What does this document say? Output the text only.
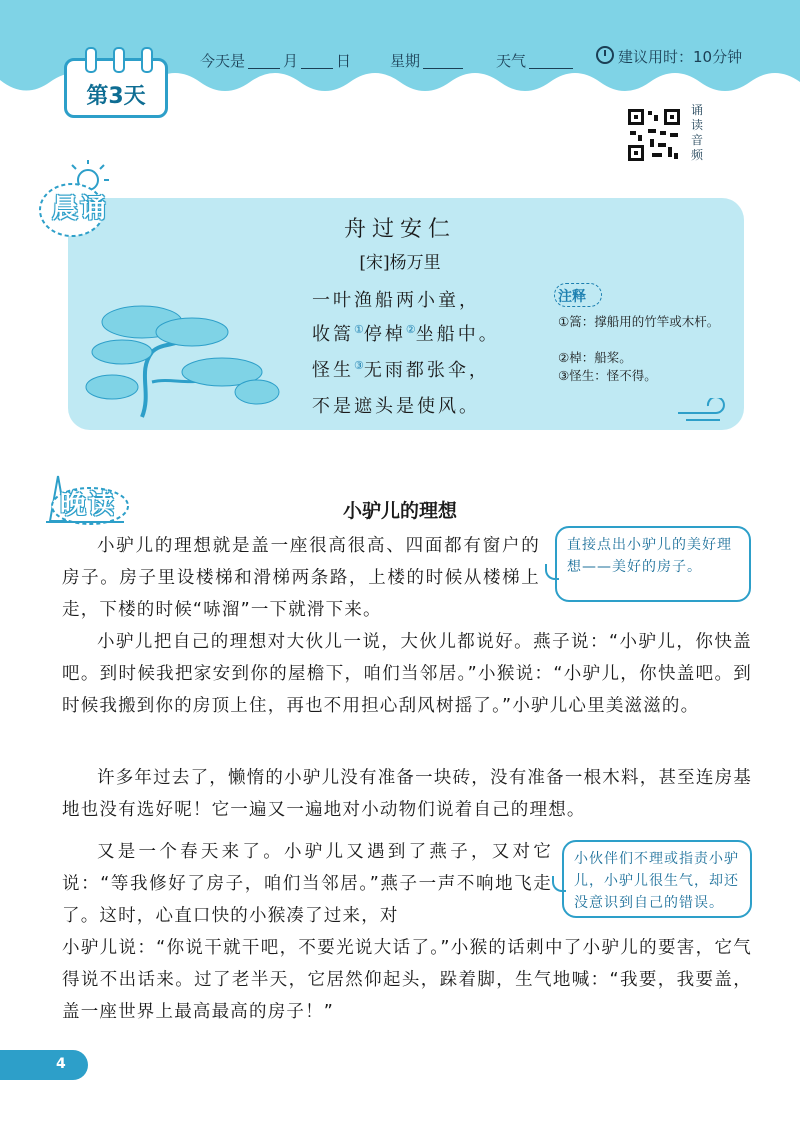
今天是	月	日	星期	天气	建议用时：10分钟
第3天
诵读音频
晨诵
舟过安仁
[宋]杨万里
一叶渔船两小童，
收篙①停棹②坐船中。
怪生③无雨都张伞，
不是遮头是使风。
注释
①篙：撑船用的竹竿或木杆。
②棹：船桨。
③怪生：怪不得。
晚读	小驴儿的理想
小驴儿的理想就是盖一座很高很高、四面都有窗户的房子。房子里设楼梯和滑梯两条路，上楼的时候从楼梯上走，下楼的时候“哧溜”一下就滑下来。
直接点出小驴儿的美好理想——美好的房子。
小驴儿把自己的理想对大伙儿一说，大伙儿都说好。燕子说：“小驴儿，你快盖吧。到时候我把家安到你的屋檐下，咱们当邻居。”小猴说：“小驴儿，你快盖吧。到时候我搬到你的房顶上住，再也不用担心刮风树摇了。”小驴儿心里美滋滋的。
许多年过去了，懒惰的小驴儿没有准备一块砖，没有准备一根木料，甚至连房基地也没有选好呢！它一遍又一遍地对小动物们说着自己的理想。
又是一个春天来了。小驴儿又遇到了燕子，又对它说：“等我修好了房子，咱们当邻居。”燕子一声不响地飞走了。这时，心直口快的小猴凑了过来，对
小伙伴们不理或指责小驴儿，小驴儿很生气，却还没意识到自己的错误。
小驴儿说：“你说干就干吧，不要光说大话了。”小猴的话刺中了小驴儿的要害，它气得说不出话来。过了老半天，它居然仰起头，跺着脚，生气地喊：“我要，我要盖，盖一座世界上最高最高的房子！”
4
